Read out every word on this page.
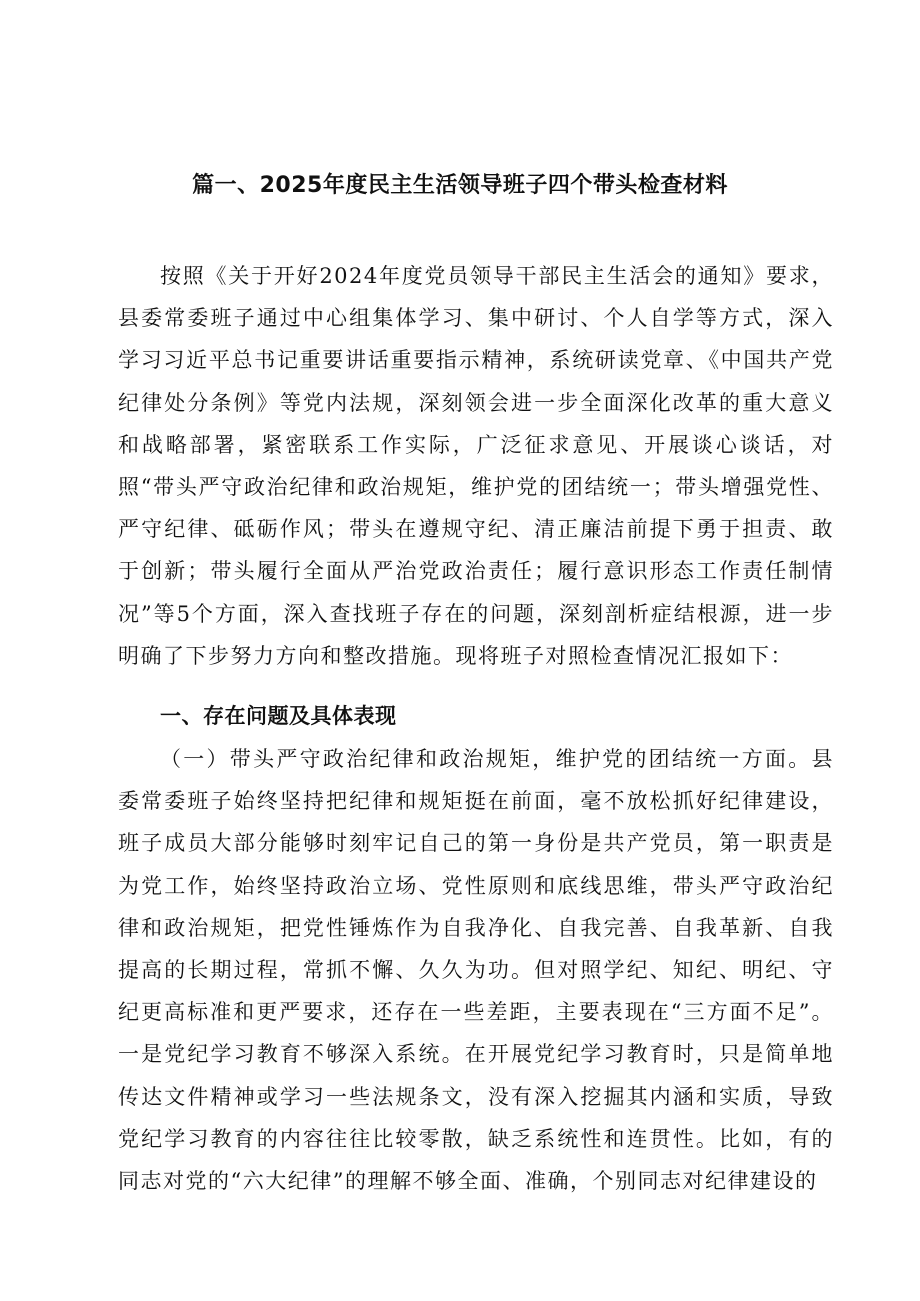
篇一、2025年度民主生活领导班子四个带头检查材料

按照《关于开好2024年度党员领导干部民主生活会的通知》要求，县委常委班子通过中心组集体学习、集中研讨、个人自学等方式，深入学习习近平总书记重要讲话重要指示精神，系统研读党章、《中国共产党纪律处分条例》等党内法规，深刻领会进一步全面深化改革的重大意义和战略部署，紧密联系工作实际，广泛征求意见、开展谈心谈话，对照“带头严守政治纪律和政治规矩，维护党的团结统一；带头增强党性、严守纪律、砥砺作风；带头在遵规守纪、清正廉洁前提下勇于担责、敢于创新；带头履行全面从严治党政治责任；履行意识形态工作责任制情况”等5个方面，深入查找班子存在的问题，深刻剖析症结根源，进一步明确了下步努力方向和整改措施。现将班子对照检查情况汇报如下：

一、存在问题及具体表现

（一）带头严守政治纪律和政治规矩，维护党的团结统一方面。县委常委班子始终坚持把纪律和规矩挺在前面，毫不放松抓好纪律建设，班子成员大部分能够时刻牢记自己的第一身份是共产党员，第一职责是为党工作，始终坚持政治立场、党性原则和底线思维，带头严守政治纪律和政治规矩，把党性锤炼作为自我净化、自我完善、自我革新、自我提高的长期过程，常抓不懈、久久为功。但对照学纪、知纪、明纪、守纪更高标准和更严要求，还存在一些差距，主要表现在“三方面不足”。一是党纪学习教育不够深入系统。在开展党纪学习教育时，只是简单地传达文件精神或学习一些法规条文，没有深入挖掘其内涵和实质，导致党纪学习教育的内容往往比较零散，缺乏系统性和连贯性。比如，有的同志对党的“六大纪律”的理解不够全面、准确，个别同志对纪律建设的
